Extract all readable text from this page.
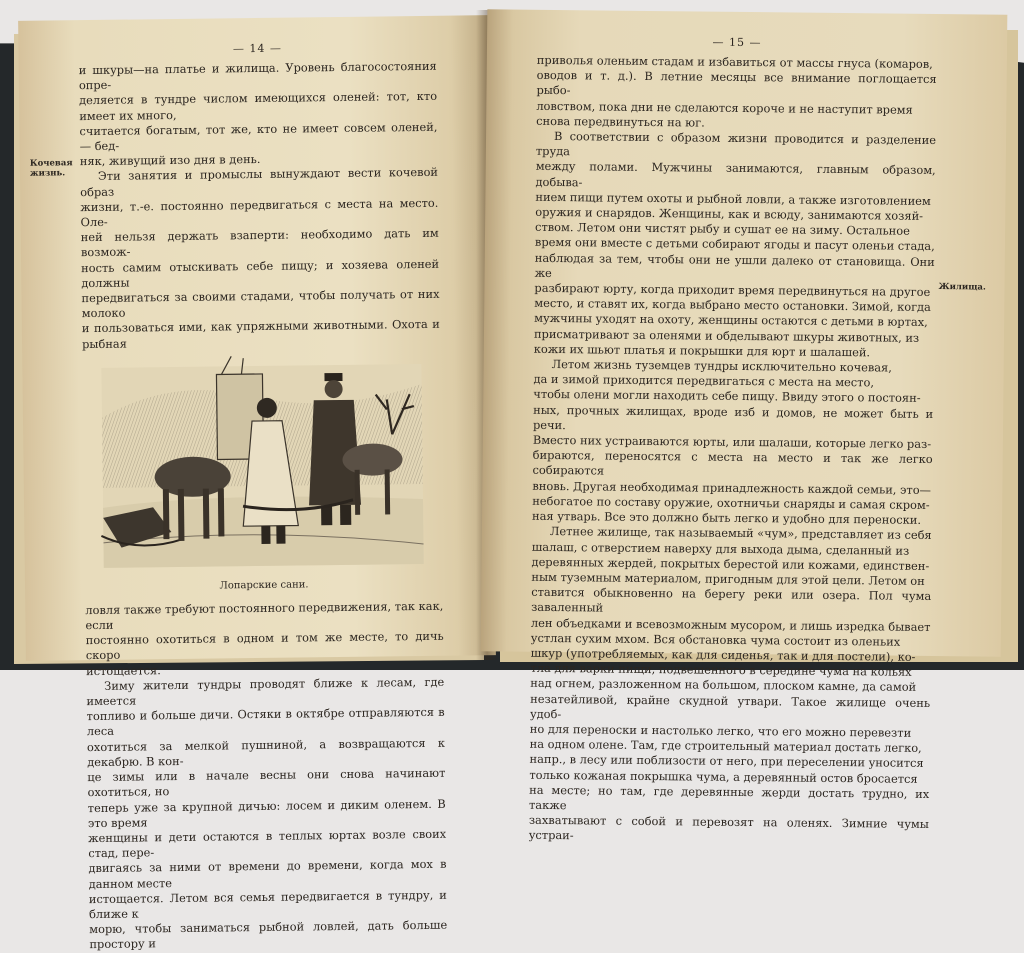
— 14 —
Кочевая жизнь.

и шкуры—на платье и жилища. Уровень благосостояния опре-

деляется в тундре числом имеющихся оленей: тот, кто имеет их много,

считается богатым, тот же, кто не имеет совсем оленей, — бед-

няк, живущий изо дня в день.

Эти занятия и промыслы вынуждают вести кочевой образ

жизни, т.-е. постоянно передвигаться с места на место. Оле-

ней нельзя держать взаперти: необходимо дать им возмож-

ность самим отыскивать себе пищу; и хозяева оленей должны

передвигаться за своими стадами, чтобы получать от них молоко

и пользоваться ими, как упряжными животными. Охота и рыбная

Лопарские сани.

ловля также требуют постоянного передвижения, так как, если

постоянно охотиться в одном и том же месте, то дичь скоро

истощается.

Зиму жители тундры проводят ближе к лесам, где имеется

топливо и больше дичи. Остяки в октябре отправляются в леса

охотиться за мелкой пушниной, а возвращаются к декабрю. В кон-

це зимы или в начале весны они снова начинают охотиться, но

теперь уже за крупной дичью: лосем и диким оленем. В это время

женщины и дети остаются в теплых юртах возле своих стад, пере-

двигаясь за ними от времени до времени, когда мох в данном месте

истощается. Летом вся семья передвигается в тундру, и ближе к

морю, чтобы заниматься рыбной ловлей, дать больше простору и

— 15 —
Жилища.

приволья оленьим стадам и избавиться от массы гнуса (комаров,

оводов и т. д.). В летние месяцы все внимание поглощается рыбо-

ловством, пока дни не сделаются короче и не наступит время

снова передвинуться на юг.

В соответствии с образом жизни проводится и разделение труда

между полами. Мужчины занимаются, главным образом, добыва-

нием пищи путем охоты и рыбной ловли, а также изготовлением

оружия и снарядов. Женщины, как и всюду, занимаются хозяй-

ством. Летом они чистят рыбу и сушат ее на зиму. Остальное

время они вместе с детьми собирают ягоды и пасут оленьи стада,

наблюдая за тем, чтобы они не ушли далеко от становища. Они же

разбирают юрту, когда приходит время передвинуться на другое

место, и ставят их, когда выбрано место остановки. Зимой, когда

мужчины уходят на охоту, женщины остаются с детьми в юртах,

присматривают за оленями и обделывают шкуры животных, из

кожи их шьют платья и покрышки для юрт и шалашей.

Летом жизнь туземцев тундры исключительно кочевая,

да и зимой приходится передвигаться с места на место,

чтобы олени могли находить себе пищу. Ввиду этого о постоян-

ных, прочных жилищах, вроде изб и домов, не может быть и речи.

Вместо них устраиваются юрты, или шалаши, которые легко раз-

бираются, переносятся с места на место и так же легко собираются

вновь. Другая необходимая принадлежность каждой семьи, это—

небогатое по составу оружие, охотничьи снаряды и самая скром-

ная утварь. Все это должно быть легко и удобно для переноски.

Летнее жилище, так называемый «чум», представляет из себя

шалаш, с отверстием наверху для выхода дыма, сделанный из

деревянных жердей, покрытых берестой или кожами, единствен-

ным туземным материалом, пригодным для этой цели. Летом он

ставится обыкновенно на берегу реки или озера. Пол чума заваленный

лен объедками и всевозможным мусором, и лишь изредка бывает

устлан сухим мхом. Вся обстановка чума состоит из оленьих

шкур (употребляемых, как для сиденья, так и для постели), ко-

тла для варки пищи, подвешенного в середине чума на кольях

над огнем, разложенном на большом, плоском камне, да самой

незатейливой, крайне скудной утвари. Такое жилище очень удоб-

но для переноски и настолько легко, что его можно перевезти

на одном олене. Там, где строительный материал достать легко,

напр., в лесу или поблизости от него, при переселении уносится

только кожаная покрышка чума, а деревянный остов бросается

на месте; но там, где деревянные жерди достать трудно, их также

захватывают с собой и перевозят на оленях. Зимние чумы устраи-
